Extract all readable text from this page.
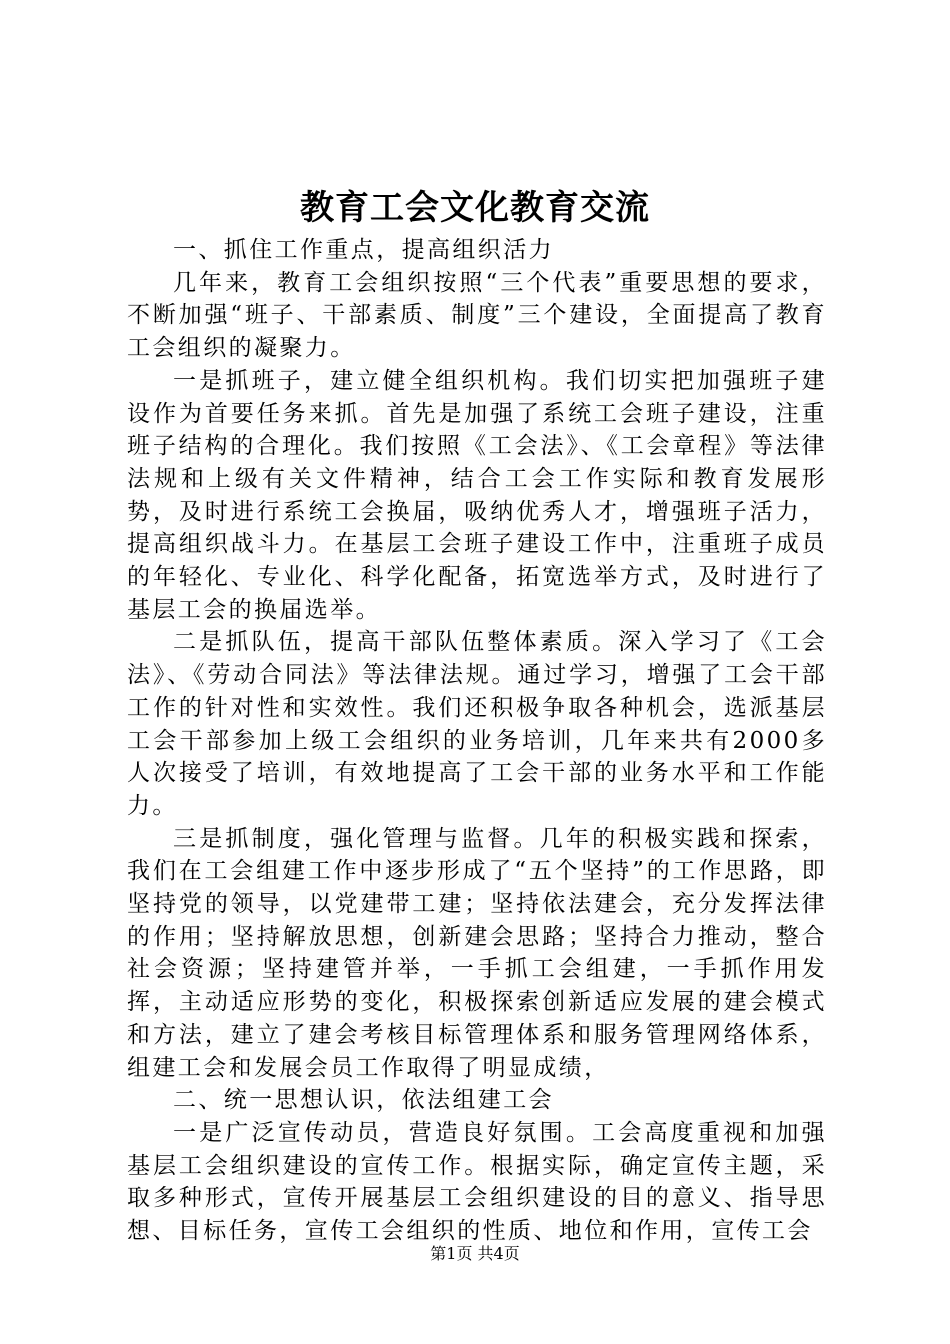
教育工会文化教育交流

一、抓住工作重点，提高组织活力

几年来，教育工会组织按照“三个代表”重要思想的要求，不断加强“班子、干部素质、制度”三个建设，全面提高了教育工会组织的凝聚力。

一是抓班子，建立健全组织机构。我们切实把加强班子建设作为首要任务来抓。首先是加强了系统工会班子建设，注重班子结构的合理化。我们按照《工会法》、《工会章程》等法律法规和上级有关文件精神，结合工会工作实际和教育发展形势，及时进行系统工会换届，吸纳优秀人才，增强班子活力，提高组织战斗力。在基层工会班子建设工作中，注重班子成员的年轻化、专业化、科学化配备，拓宽选举方式，及时进行了基层工会的换届选举。

二是抓队伍，提高干部队伍整体素质。深入学习了《工会法》、《劳动合同法》等法律法规。通过学习，增强了工会干部工作的针对性和实效性。我们还积极争取各种机会，选派基层工会干部参加上级工会组织的业务培训，几年来共有2000多人次接受了培训，有效地提高了工会干部的业务水平和工作能力。

三是抓制度，强化管理与监督。几年的积极实践和探索，我们在工会组建工作中逐步形成了“五个坚持”的工作思路，即坚持党的领导，以党建带工建；坚持依法建会，充分发挥法律的作用；坚持解放思想，创新建会思路；坚持合力推动，整合社会资源；坚持建管并举，一手抓工会组建，一手抓作用发挥，主动适应形势的变化，积极探索创新适应发展的建会模式和方法，建立了建会考核目标管理体系和服务管理网络体系，组建工会和发展会员工作取得了明显成绩，

二、统一思想认识，依法组建工会

一是广泛宣传动员，营造良好氛围。工会高度重视和加强基层工会组织建设的宣传工作。根据实际，确定宣传主题，采取多种形式，宣传开展基层工会组织建设的目的意义、指导思想、目标任务，宣传工会组织的性质、地位和作用，宣传工会

第1页 共4页
